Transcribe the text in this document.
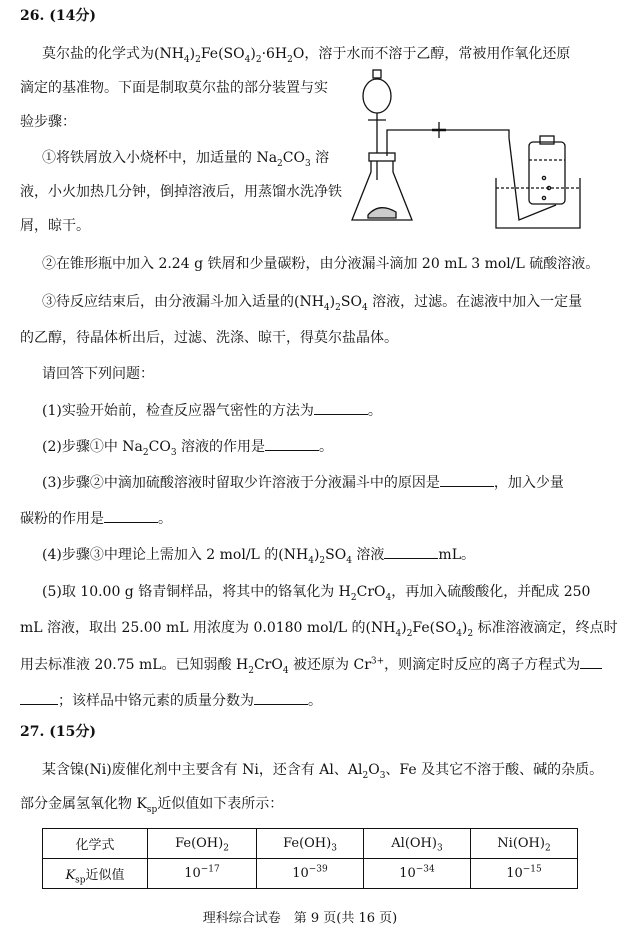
26. (14分)
莫尔盐的化学式为$(NH_4)_2Fe(SO_4)_2\cdot 6H_2O$，溶于水而不溶于乙醇，常被用作氧化还原
滴定的基准物。下面是制取莫尔盐的部分装置与实
验步骤：
①将铁屑放入小烧杯中，加适量的 $Na_2CO_3$ 溶
液，小火加热几分钟，倒掉溶液后，用蒸馏水洗净铁
屑，晾干。
②在锥形瓶中加入 2.24 g 铁屑和少量碳粉，由分液漏斗滴加 20 mL 3 mol/L 硫酸溶液。
③待反应结束后，由分液漏斗加入适量的$(NH_4)_2SO_4$ 溶液，过滤。在滤液中加入一定量
的乙醇，待晶体析出后，过滤、洗涤、晾干，得莫尔盐晶体。
请回答下列问题：
(1)实验开始前，检查反应器气密性的方法为	。
(2)步骤①中 $Na_2CO_3$ 溶液的作用是	。
(3)步骤②中滴加硫酸溶液时留取少许溶液于分液漏斗中的原因是	，加入少量
碳粉的作用是	。
(4)步骤③中理论上需加入 2 mol/L 的$(NH_4)_2SO_4$ 溶液	mL。
(5)取 10.00 g 铬青铜样品，将其中的铬氧化为 $H_2CrO_4$，再加入硫酸酸化，并配成 250
mL 溶液，取出 25.00 mL 用浓度为 0.0180 mol/L 的$(NH_4)_2Fe(SO_4)_2$ 标准溶液滴定，终点时
用去标准液 20.75 mL。已知弱酸 $H_2CrO_4$ 被还原为 $Cr^{3+}$，则滴定时反应的离子方程式为
；该样品中铬元素的质量分数为	。
27. (15分)
某含镍(Ni)废催化剂中主要含有 Ni，还含有 Al、$Al_2O_3$、Fe 及其它不溶于酸、碱的杂质。
部分金属氢氧化物 $K_{sp}$近似值如下表所示：
化学式	$Fe(OH)_2$	$Fe(OH)_3$	$Al(OH)_3$	$Ni(OH)_2$
$K_{sp}$近似值	$10^{-17}$	$10^{-39}$	$10^{-34}$	$10^{-15}$
理科综合试卷　第 9 页(共 16 页)
